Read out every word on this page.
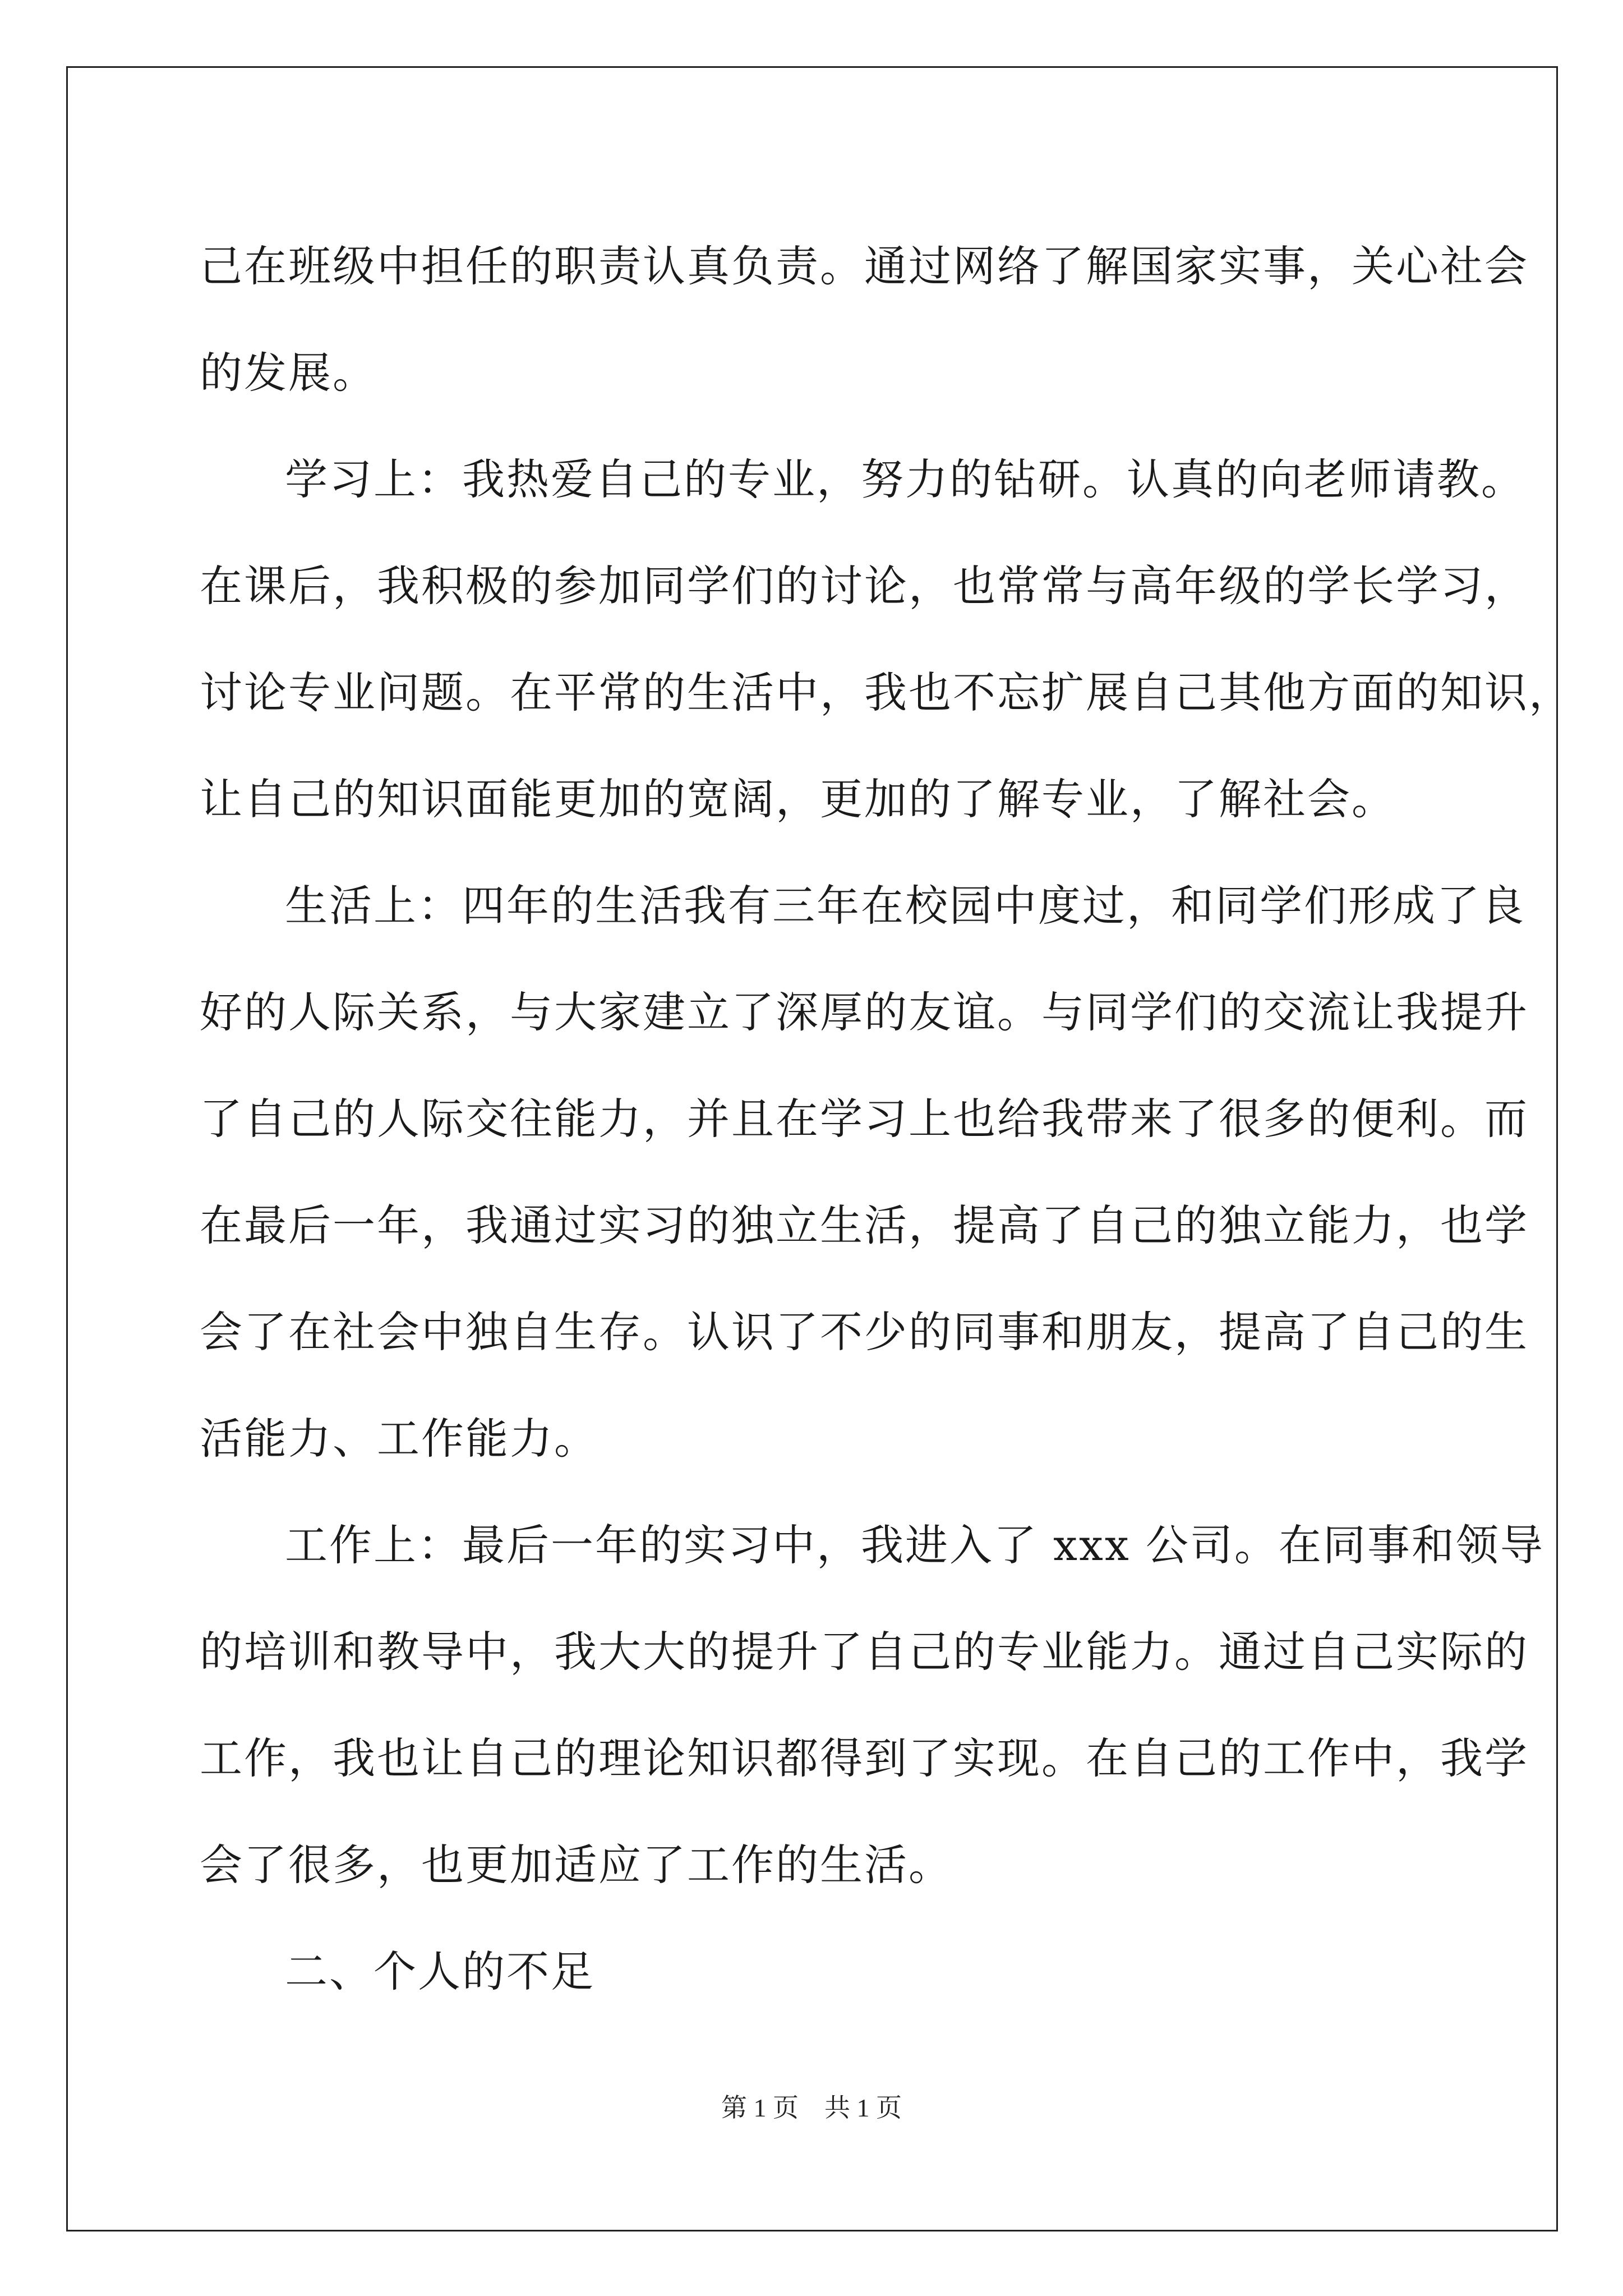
己在班级中担任的职责认真负责。通过网络了解国家实事，关心社会
的发展。
学习上：我热爱自己的专业，努力的钻研。认真的向老师请教。
在课后，我积极的参加同学们的讨论，也常常与高年级的学长学习，
讨论专业问题。在平常的生活中，我也不忘扩展自己其他方面的知识，
让自己的知识面能更加的宽阔，更加的了解专业，了解社会。
生活上：四年的生活我有三年在校园中度过，和同学们形成了良
好的人际关系，与大家建立了深厚的友谊。与同学们的交流让我提升
了自己的人际交往能力，并且在学习上也给我带来了很多的便利。而
在最后一年，我通过实习的独立生活，提高了自己的独立能力，也学
会了在社会中独自生存。认识了不少的同事和朋友，提高了自己的生
活能力、工作能力。
工作上：最后一年的实习中，我进入了 xxx 公司。在同事和领导
的培训和教导中，我大大的提升了自己的专业能力。通过自己实际的
工作，我也让自己的理论知识都得到了实现。在自己的工作中，我学
会了很多，也更加适应了工作的生活。
二、个人的不足
第 1 页 共 1 页
